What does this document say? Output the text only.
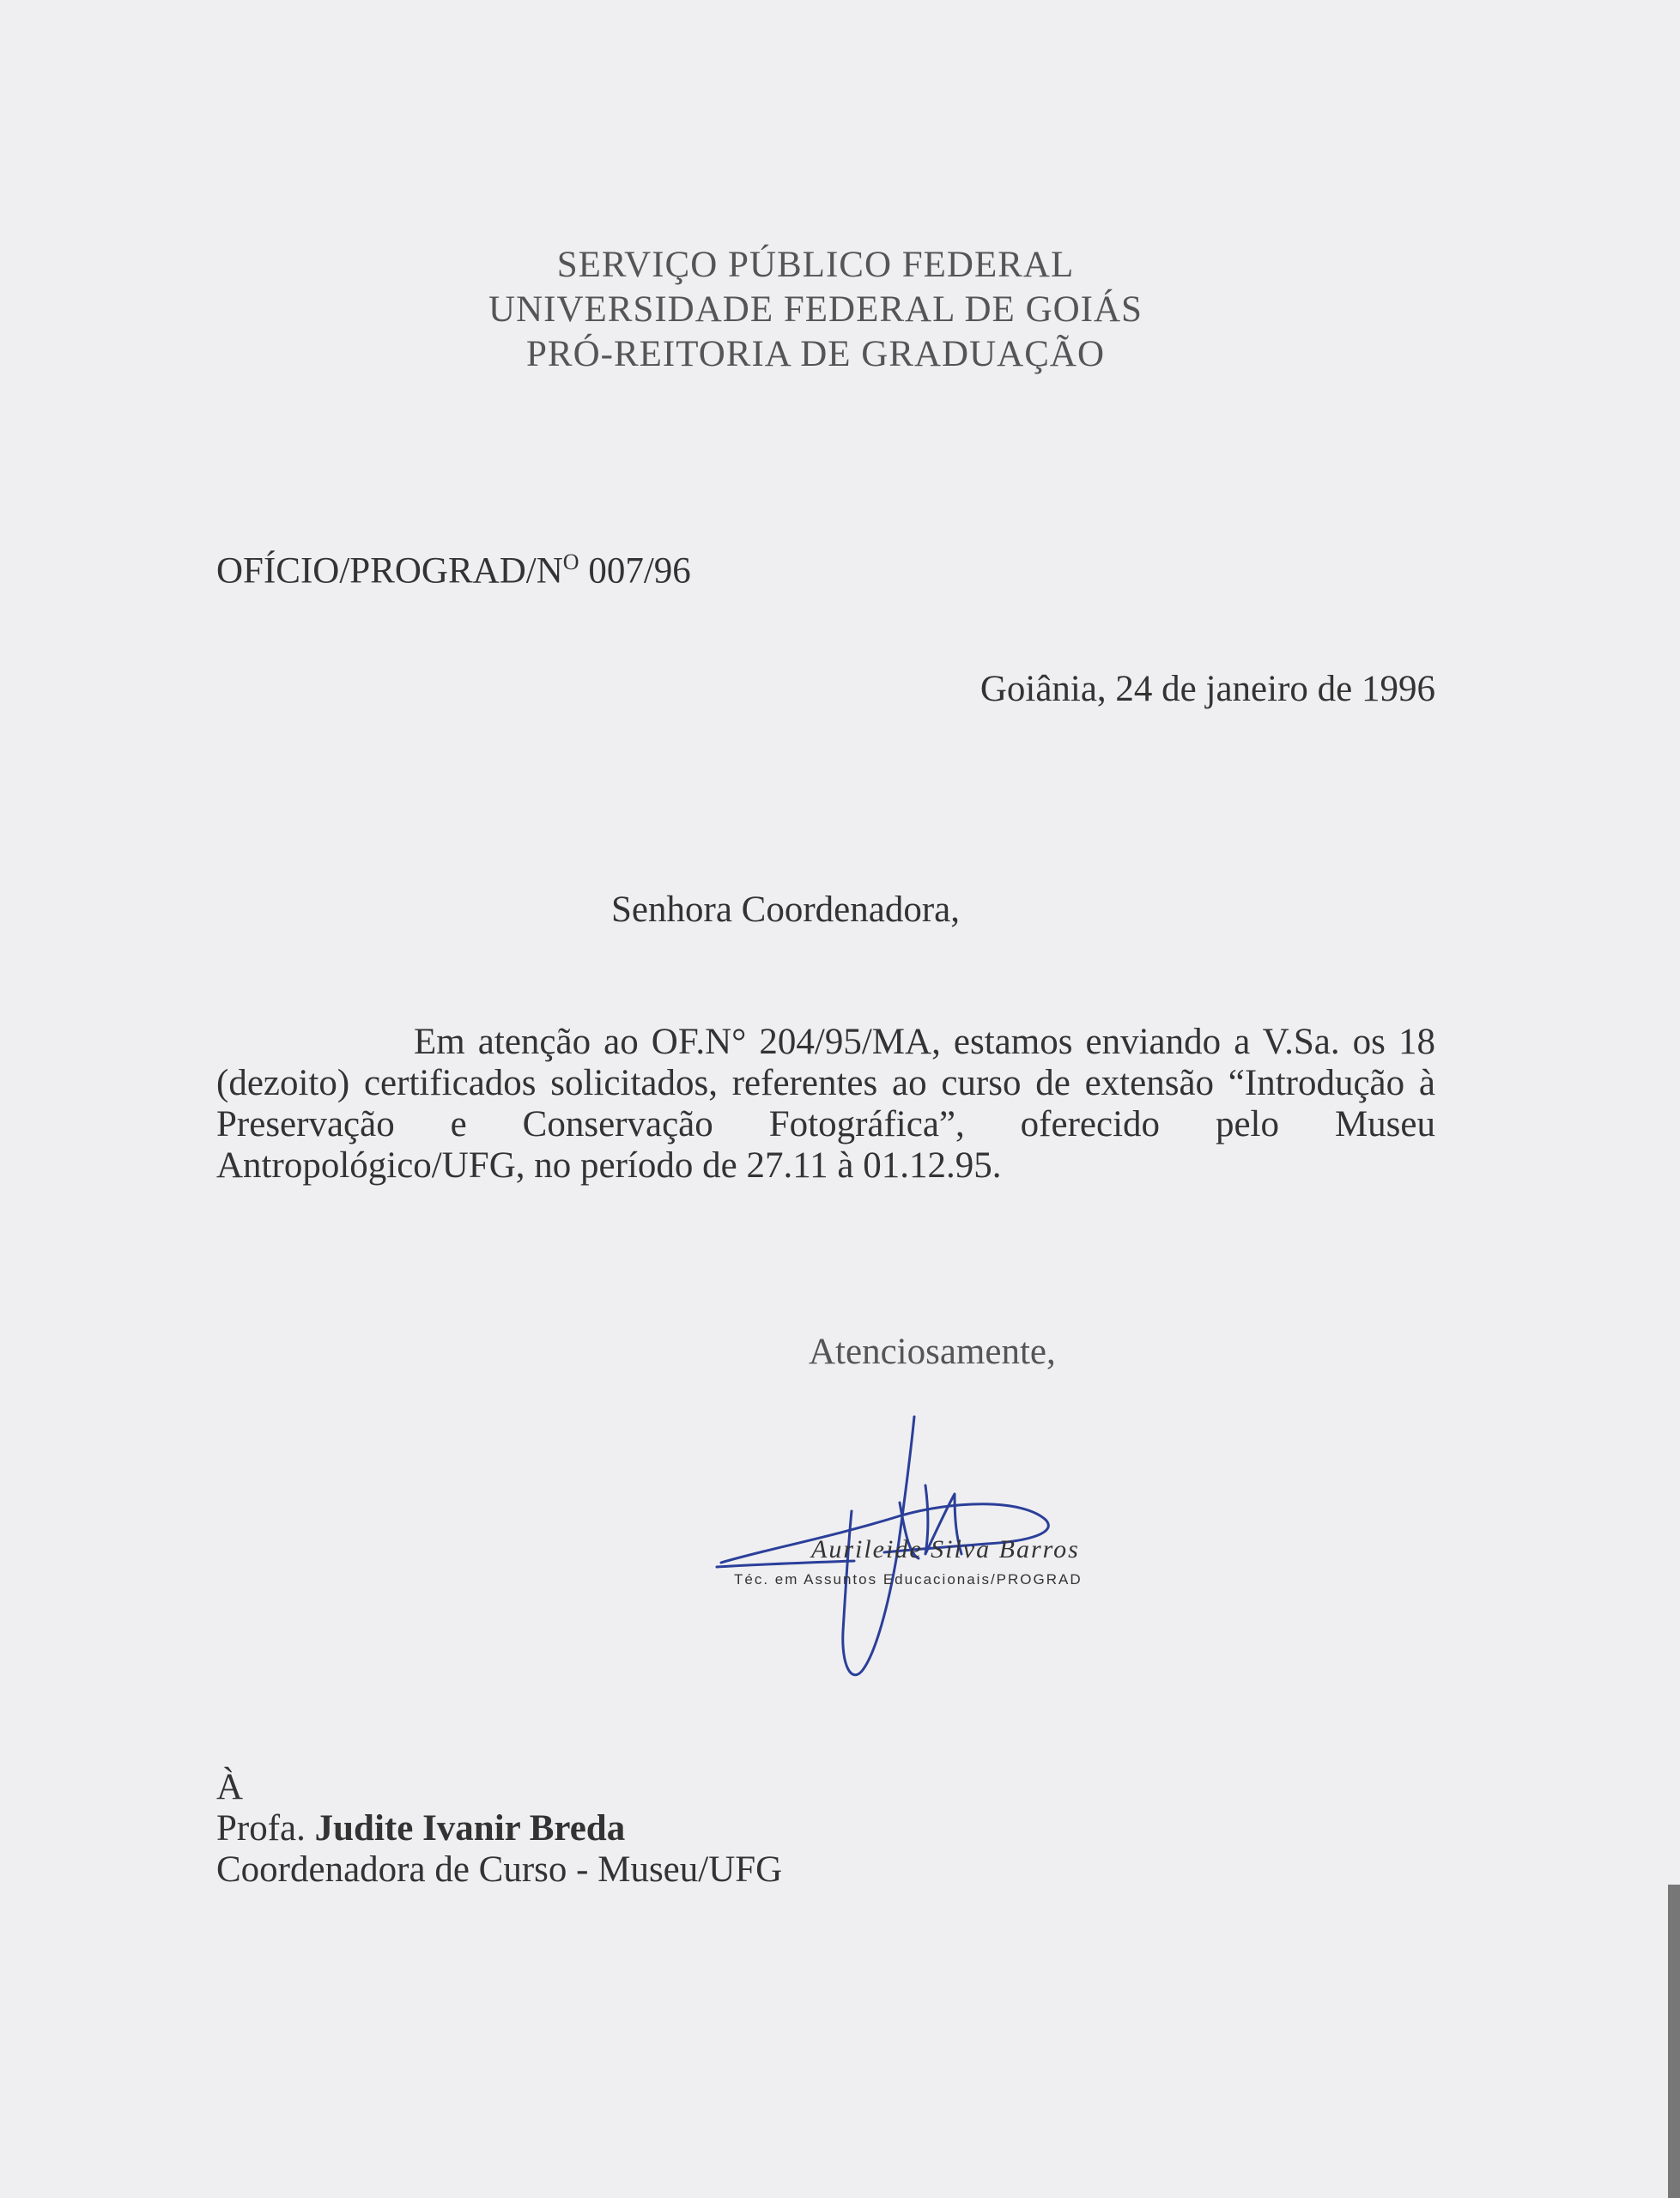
SERVIÇO PÚBLICO FEDERAL
UNIVERSIDADE FEDERAL DE GOIÁS
PRÓ-REITORIA DE GRADUAÇÃO
OFÍCIO/$PROGRAD/N^O$ 007/96
Goiânia, 24 de janeiro de 1996
Senhora Coordenadora,
Em atenção ao OF.N° 204/95/MA, estamos enviando a V.Sa. os 18 (dezoito) certificados solicitados, referentes ao curso de extensão “Introdução à Preservação e Conservação Fotográfica”, oferecido pelo Museu Antropológico/UFG, no período de 27.11 à 01.12.95.
Atenciosamente,
Aurileide Silva Barros
Téc. em Assuntos Educacionais/PROGRAD
À
Profa. Judite Ivanir Breda
Coordenadora de Curso - Museu/UFG
